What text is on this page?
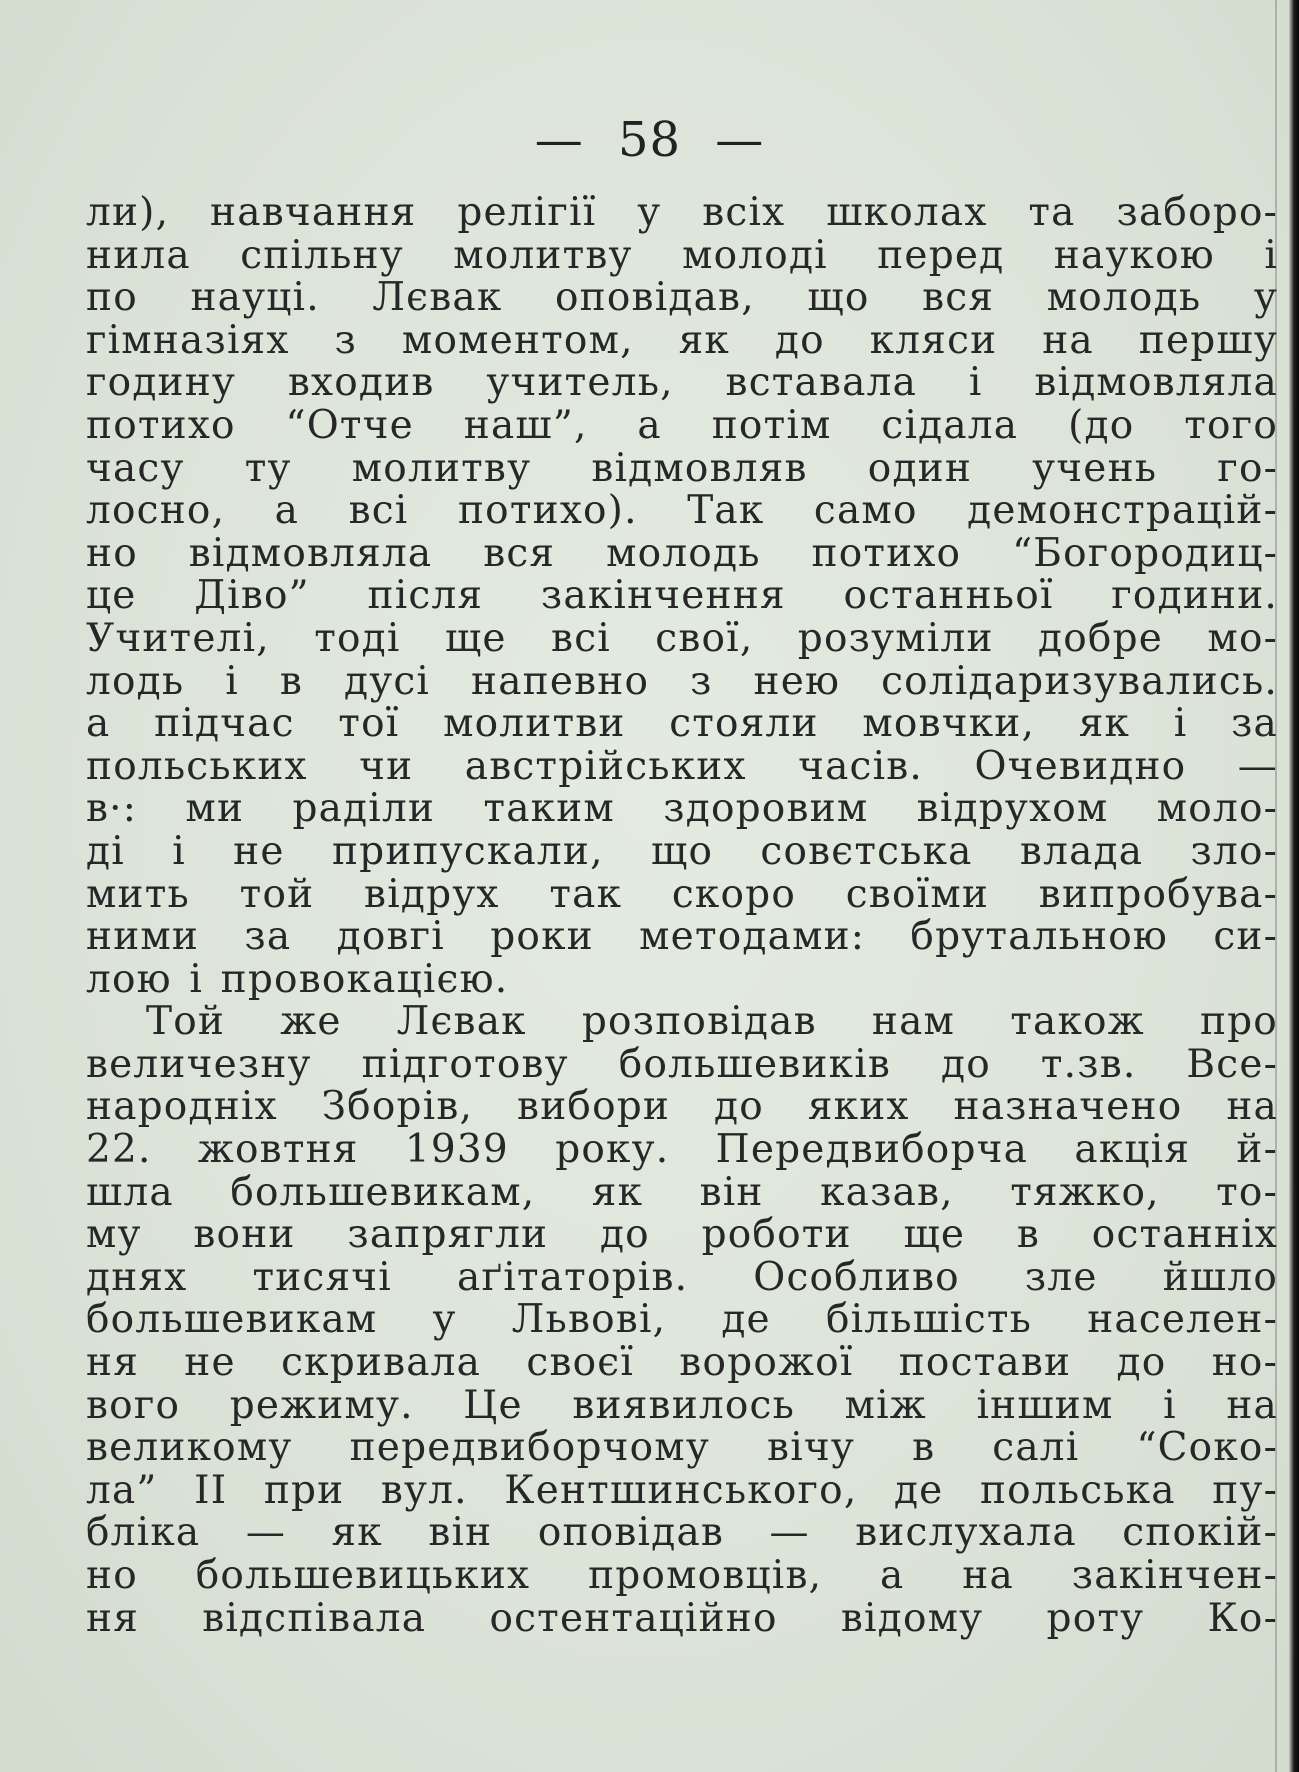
— 58 —
ли), навчання релігії у всіх школах та заборо-
нила спільну молитву молоді перед наукою і
по науці. Лєвак оповідав, що вся молодь у
гімназіях з моментом, як до кляси на першу
годину входив учитель, вставала і відмовляла
потихо “Отче наш”, а потім сідала (до того
часу ту молитву відмовляв один учень го-
лосно, а всі потихо). Так само демонстрацій-
но відмовляла вся молодь потихо “Богородиц-
це Діво” після закінчення останньої години.
Учителі, тоді ще всі свої, розуміли добре мо-
лодь і в дусі напевно з нею солідаризувались.
а підчас тої молитви стояли мовчки, як і за
польських чи австрійських часів. Очевидно —
в·: ми раділи таким здоровим відрухом моло-
ді і не припускали, що совєтська влада зло-
мить той відрух так скоро своїми випробува-
ними за довгі роки методами: брутальною си-
лою і провокацією.
Той же Лєвак розповідав нам також про
величезну підготову большевиків до т.зв. Все-
народніх Зборів, вибори до яких назначено на
22. жовтня 1939 року. Передвиборча акція й-
шла большевикам, як він казав, тяжко, то-
му вони запрягли до роботи ще в останніх
днях тисячі аґітаторів. Особливо зле йшло
большевикам у Львові, де більшість населен-
ня не скривала своєї ворожої постави до но-
вого режиму. Це виявилось між іншим і на
великому передвиборчому вічу в салі “Соко-
ла” II при вул. Кентшинського, де польська пу-
бліка — як він оповідав — вислухала спокій-
но большевицьких промовців, а на закінчен-
ня відспівала остентаційно відому роту Ко-
